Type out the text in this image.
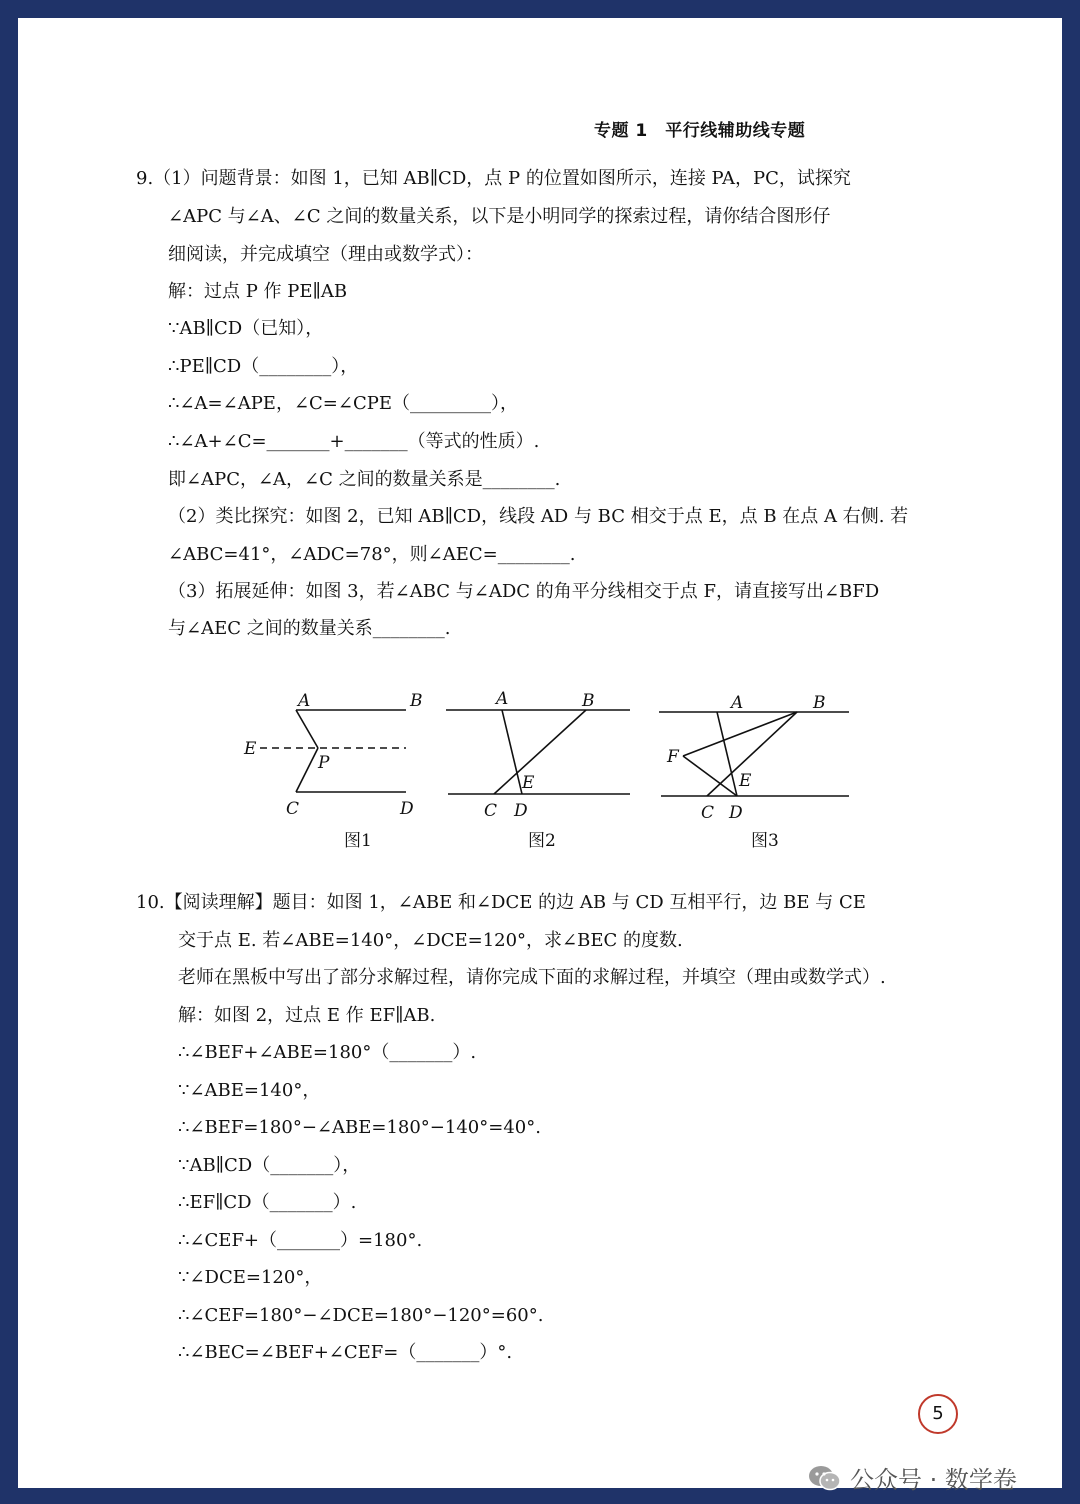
专题 1　平行线辅助线专题
9.（1）问题背景：如图 1，已知 AB∥CD，点 P 的位置如图所示，连接 PA，PC，试探究
∠APC 与∠A、∠C 之间的数量关系，以下是小明同学的探索过程，请你结合图形仔
细阅读，并完成填空（理由或数学式）：
解：过点 P 作 PE∥AB
∵AB∥CD（已知），
∴PE∥CD（________），
∴∠A=∠APE，∠C=∠CPE（_________），
∴∠A+∠C=_______+_______（等式的性质）.
即∠APC，∠A，∠C 之间的数量关系是________.
（2）类比探究：如图 2，已知 AB∥CD，线段 AD 与 BC 相交于点 E，点 B 在点 A 右侧. 若
∠ABC=41°，∠ADC=78°，则∠AEC=________.
（3）拓展延伸：如图 3，若∠ABC 与∠ADC 的角平分线相交于点 F，请直接写出∠BFD
与∠AEC 之间的数量关系________.
A	B
E
P
C	D
图1
A	B
E
C D
图2
A	B
F
E
C D
图3
10.【阅读理解】题目：如图 1，∠ABE 和∠DCE 的边 AB 与 CD 互相平行，边 BE 与 CE
交于点 E. 若∠ABE=140°，∠DCE=120°，求∠BEC 的度数.
老师在黑板中写出了部分求解过程，请你完成下面的求解过程，并填空（理由或数学式）.
解：如图 2，过点 E 作 EF∥AB.
∴∠BEF+∠ABE=180°（_______）.
∵∠ABE=140°，
∴∠BEF=180°−∠ABE=180°−140°=40°.
∵AB∥CD（_______），
∴EF∥CD（_______）.
∴∠CEF+（_______）=180°.
∵∠DCE=120°，
∴∠CEF=180°−∠DCE=180°−120°=60°.
∴∠BEC=∠BEF+∠CEF=（_______）°.
5
公众号 · 数学卷
